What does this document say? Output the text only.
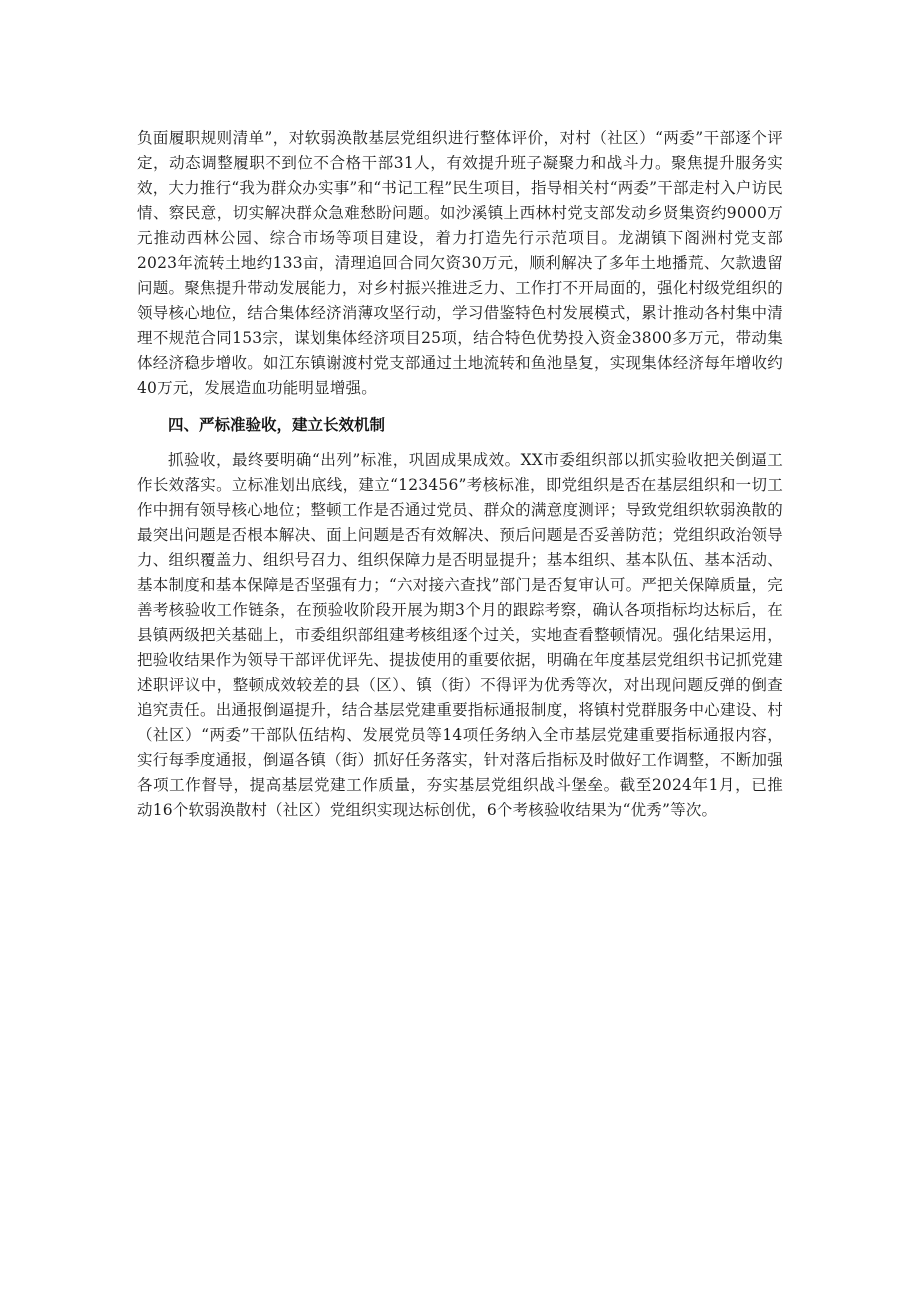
负面履职规则清单”，对软弱涣散基层党组织进行整体评价，对村（社区）“两委”干部逐个评定，动态调整履职不到位不合格干部31人，有效提升班子凝聚力和战斗力。聚焦提升服务实效，大力推行“我为群众办实事”和“书记工程”民生项目，指导相关村“两委”干部走村入户访民情、察民意，切实解决群众急难愁盼问题。如沙溪镇上西林村党支部发动乡贤集资约9000万元推动西林公园、综合市场等项目建设，着力打造先行示范项目。龙湖镇下阁洲村党支部2023年流转土地约133亩，清理追回合同欠资30万元，顺利解决了多年土地播荒、欠款遗留问题。聚焦提升带动发展能力，对乡村振兴推进乏力、工作打不开局面的，强化村级党组织的领导核心地位，结合集体经济消薄攻坚行动，学习借鉴特色村发展模式，累计推动各村集中清理不规范合同153宗，谋划集体经济项目25项，结合特色优势投入资金3800多万元，带动集体经济稳步增收。如江东镇谢渡村党支部通过土地流转和鱼池垦复，实现集体经济每年增收约40万元，发展造血功能明显增强。

四、严标准验收，建立长效机制

抓验收，最终要明确“出列”标准，巩固成果成效。XX市委组织部以抓实验收把关倒逼工作长效落实。立标准划出底线，建立“123456”考核标准，即党组织是否在基层组织和一切工作中拥有领导核心地位；整顿工作是否通过党员、群众的满意度测评；导致党组织软弱涣散的最突出问题是否根本解决、面上问题是否有效解决、预后问题是否妥善防范；党组织政治领导力、组织覆盖力、组织号召力、组织保障力是否明显提升；基本组织、基本队伍、基本活动、基本制度和基本保障是否坚强有力；“六对接六查找”部门是否复审认可。严把关保障质量，完善考核验收工作链条，在预验收阶段开展为期3个月的跟踪考察，确认各项指标均达标后，在县镇两级把关基础上，市委组织部组建考核组逐个过关，实地查看整顿情况。强化结果运用，把验收结果作为领导干部评优评先、提拔使用的重要依据，明确在年度基层党组织书记抓党建述职评议中，整顿成效较差的县（区）、镇（街）不得评为优秀等次，对出现问题反弹的倒查追究责任。出通报倒逼提升，结合基层党建重要指标通报制度，将镇村党群服务中心建设、村（社区）“两委”干部队伍结构、发展党员等14项任务纳入全市基层党建重要指标通报内容，实行每季度通报，倒逼各镇（街）抓好任务落实，针对落后指标及时做好工作调整，不断加强各项工作督导，提高基层党建工作质量，夯实基层党组织战斗堡垒。截至2024年1月，已推动16个软弱涣散村（社区）党组织实现达标创优，6个考核验收结果为“优秀”等次。
